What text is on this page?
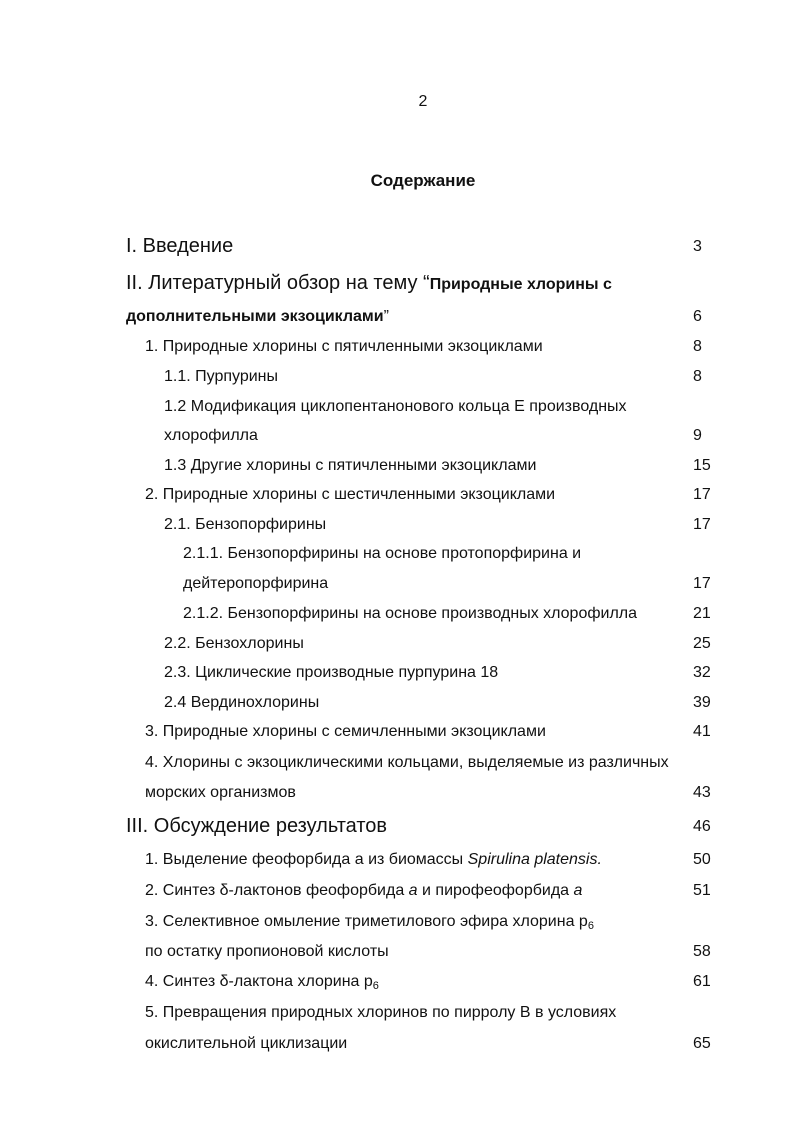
2
Содержание
I. Введение	3
II. Литературный обзор на тему “Природные хлорины с
дополнительными экзоциклами”	6
1. Природные хлорины с пятичленными экзоциклами	8
1.1. Пурпурины	8
1.2 Модификация циклопентанонового кольца Е производных
хлорофилла	9
1.3 Другие хлорины с пятичленными экзоциклами	15
2. Природные хлорины с шестичленными экзоциклами	17
2.1. Бензопорфирины	17
2.1.1. Бензопорфирины на основе протопорфирина и
дейтеропорфирина	17
2.1.2. Бензопорфирины на основе производных хлорофилла	21
2.2. Бензохлорины	25
2.3. Циклические производные пурпурина 18	32
2.4 Вердинохлорины	39
3. Природные хлорины с семичленными экзоциклами	41
4. Хлорины с экзоциклическими кольцами, выделяемые из различных
морских организмов	43
III. Обсуждение результатов	46
1. Выделение феофорбида а из биомассы Spirulina platensis.	50
2. Синтез δ-лактонов феофорбида а и пирофеофорбида а	51
3. Селективное омыление триметилового эфира хлорина $р_6$
по остатку пропионовой кислоты	58
4. Синтез δ-лактона хлорина $р_6$	61
5. Превращения природных хлоринов по пирролу В в условиях
окислительной циклизации	65
